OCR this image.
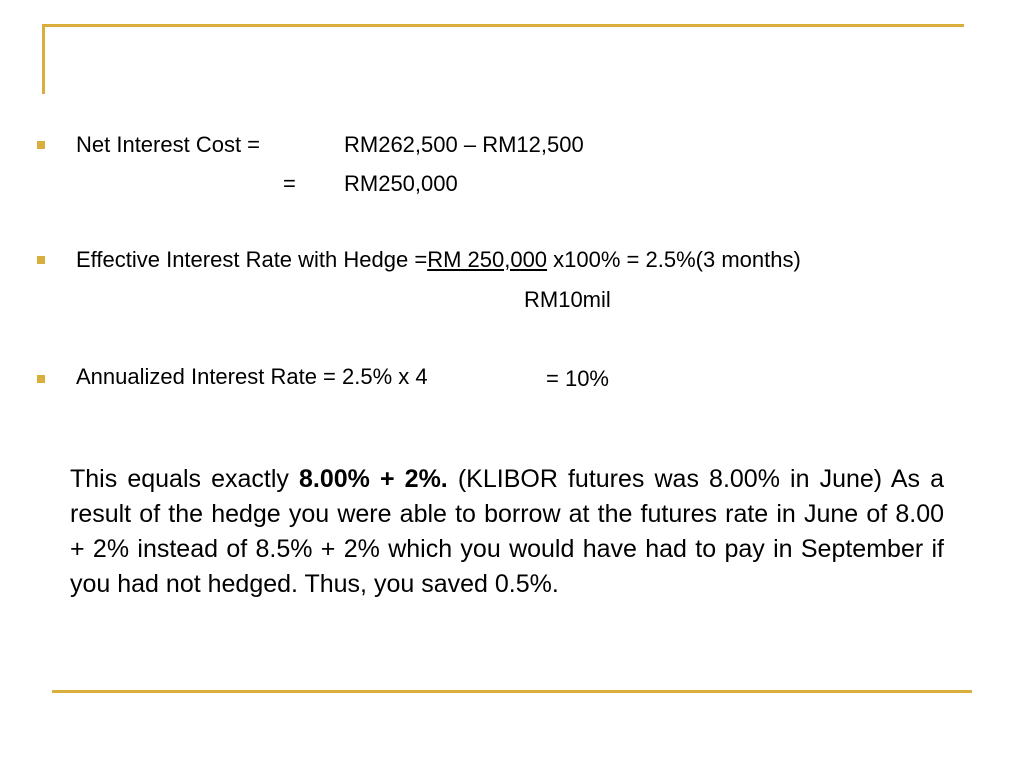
Net Interest Cost =	RM262,500 – RM12,500
= RM250,000
Effective Interest Rate with Hedge =RM 250,000 x100% = 2.5%(3 months)
RM10mil
Annualized Interest Rate = 2.5% x 4	= 10%
This equals exactly 8.00% + 2%. (KLIBOR futures was 8.00% in June) As a result of the hedge you were able to borrow at the futures rate in June of 8.00 + 2% instead of 8.5% + 2% which you would have had to pay in September if you had not hedged. Thus, you saved 0.5%.
